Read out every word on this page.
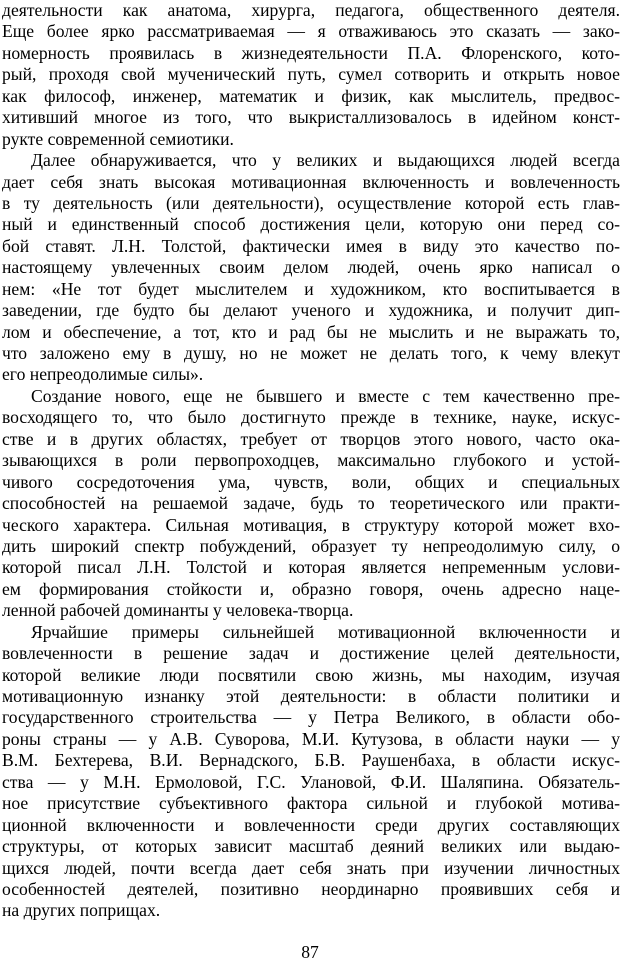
деятельности как анатома, хирурга, педагога, общественного деятеля.
Еще более ярко рассматриваемая — я отваживаюсь это сказать — зако-
номерность проявилась в жизнедеятельности П.А. Флоренского, кото-
рый, проходя свой мученический путь, сумел сотворить и открыть новое
как философ, инженер, математик и физик, как мыслитель, предвос-
хитивший многое из того, что выкристаллизовалось в идейном конст-
рукте современной семиотики.
Далее обнаруживается, что у великих и выдающихся людей всегда
дает себя знать высокая мотивационная включенность и вовлеченность
в ту деятельность (или деятельности), осуществление которой есть глав-
ный и единственный способ достижения цели, которую они перед со-
бой ставят. Л.Н. Толстой, фактически имея в виду это качество по-
настоящему увлеченных своим делом людей, очень ярко написал о
нем: «Не тот будет мыслителем и художником, кто воспитывается в
заведении, где будто бы делают ученого и художника, и получит дип-
лом и обеспечение, а тот, кто и рад бы не мыслить и не выражать то,
что заложено ему в душу, но не может не делать того, к чему влекут
его непреодолимые силы».
Создание нового, еще не бывшего и вместе с тем качественно пре-
восходящего то, что было достигнуто прежде в технике, науке, искус-
стве и в других областях, требует от творцов этого нового, часто ока-
зывающихся в роли первопроходцев, максимально глубокого и устой-
чивого сосредоточения ума, чувств, воли, общих и специальных
способностей на решаемой задаче, будь то теоретического или практи-
ческого характера. Сильная мотивация, в структуру которой может вхо-
дить широкий спектр побуждений, образует ту непреодолимую силу, о
которой писал Л.Н. Толстой и которая является непременным услови-
ем формирования стойкости и, образно говоря, очень адресно наце-
ленной рабочей доминанты у человека-творца.
Ярчайшие примеры сильнейшей мотивационной включенности и
вовлеченности в решение задач и достижение целей деятельности,
которой великие люди посвятили свою жизнь, мы находим, изучая
мотивационную изнанку этой деятельности: в области политики и
государственного строительства — у Петра Великого, в области обо-
роны страны — у А.В. Суворова, М.И. Кутузова, в области науки — у
В.М. Бехтерева, В.И. Вернадского, Б.В. Раушенбаха, в области искус-
ства — у М.Н. Ермоловой, Г.С. Улановой, Ф.И. Шаляпина. Обязатель-
ное присутствие субъективного фактора сильной и глубокой мотива-
ционной включенности и вовлеченности среди других составляющих
структуры, от которых зависит масштаб деяний великих или выдаю-
щихся людей, почти всегда дает себя знать при изучении личностных
особенностей деятелей, позитивно неординарно проявивших себя и
на других поприщах.
87
